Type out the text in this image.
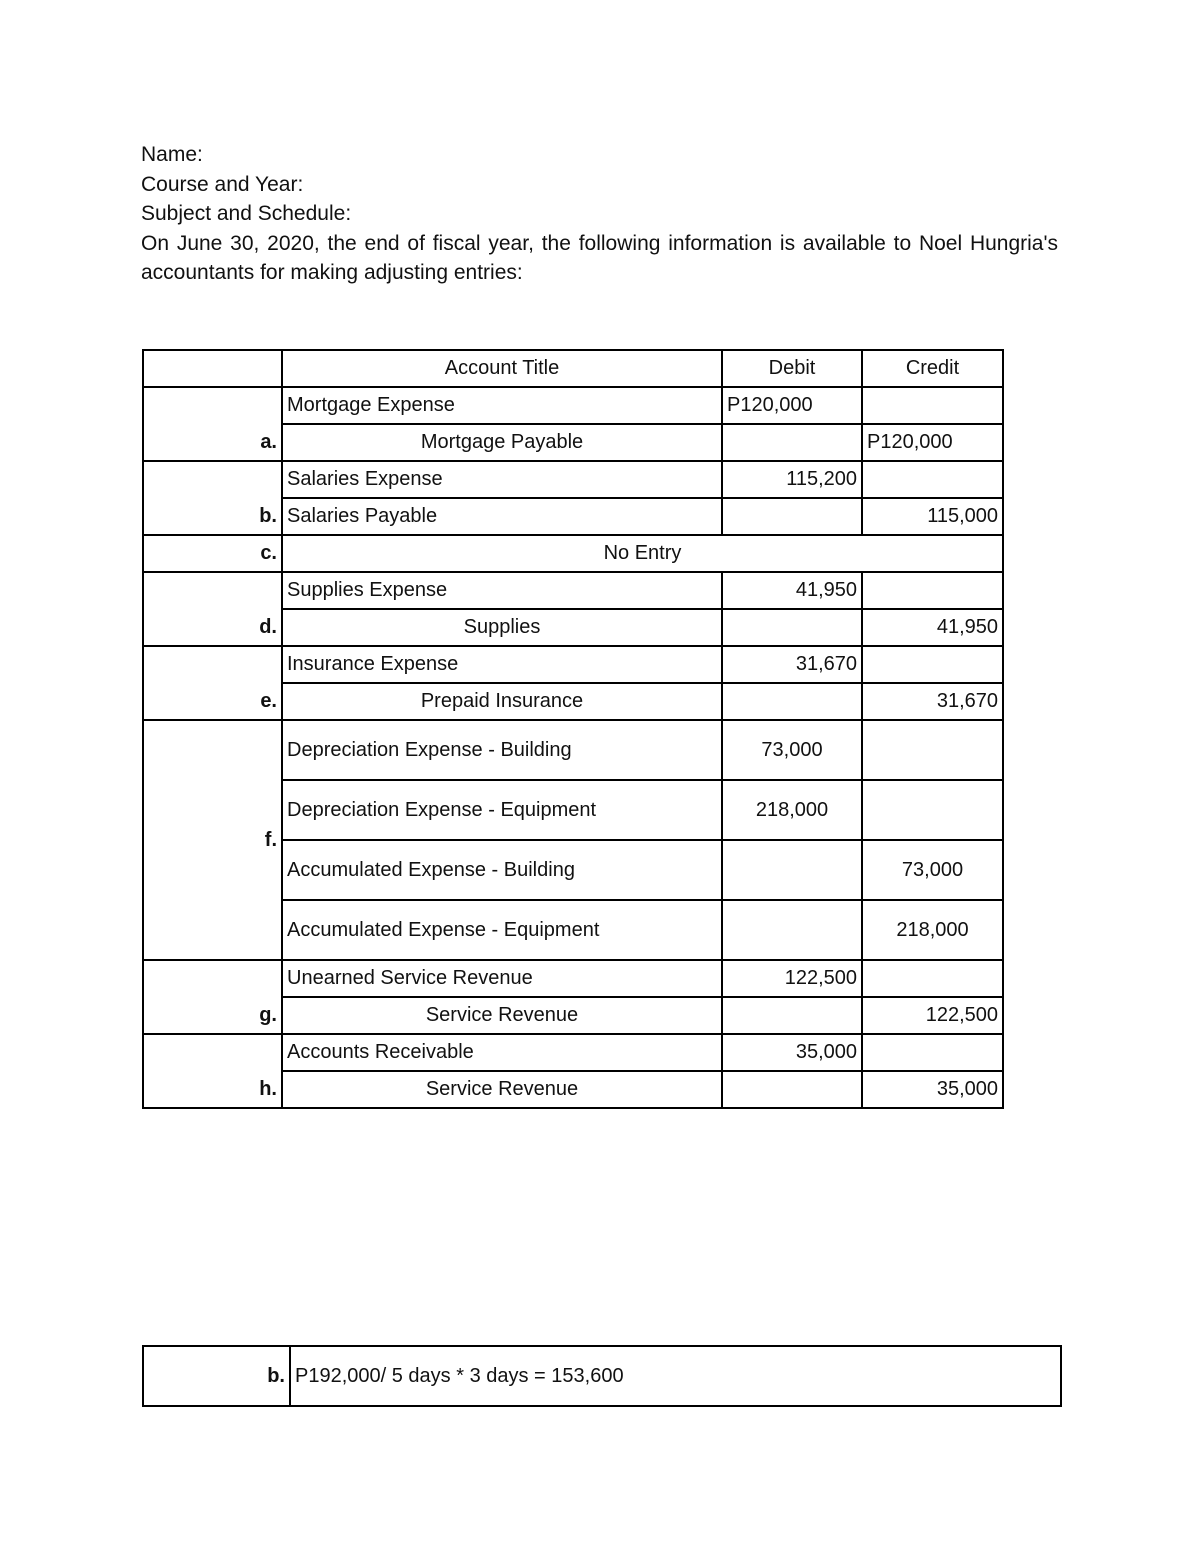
Name:
Course and Year:
Subject and Schedule:
On June 30, 2020, the end of fiscal year, the following information is available to Noel Hungria's accountants for making adjusting entries:
	Account Title	Debit	Credit
a.	Mortgage Expense	P120,000	
	Mortgage Payable		P120,000
b.	Salaries Expense	115,200	
	Salaries Payable		115,000
c.	No Entry		
d.	Supplies Expense	41,950	
	Supplies		41,950
e.	Insurance Expense	31,670	
	Prepaid Insurance		31,670
f.	Depreciation Expense - Building	73,000	
	Depreciation Expense - Equipment	218,000	
	Accumulated Expense - Building		73,000
	Accumulated Expense - Equipment		218,000
g.	Unearned Service Revenue	122,500	
	Service Revenue		122,500
h.	Accounts Receivable	35,000	
	Service Revenue		35,000
b.	P192,000/ 5 days * 3 days = 153,600
